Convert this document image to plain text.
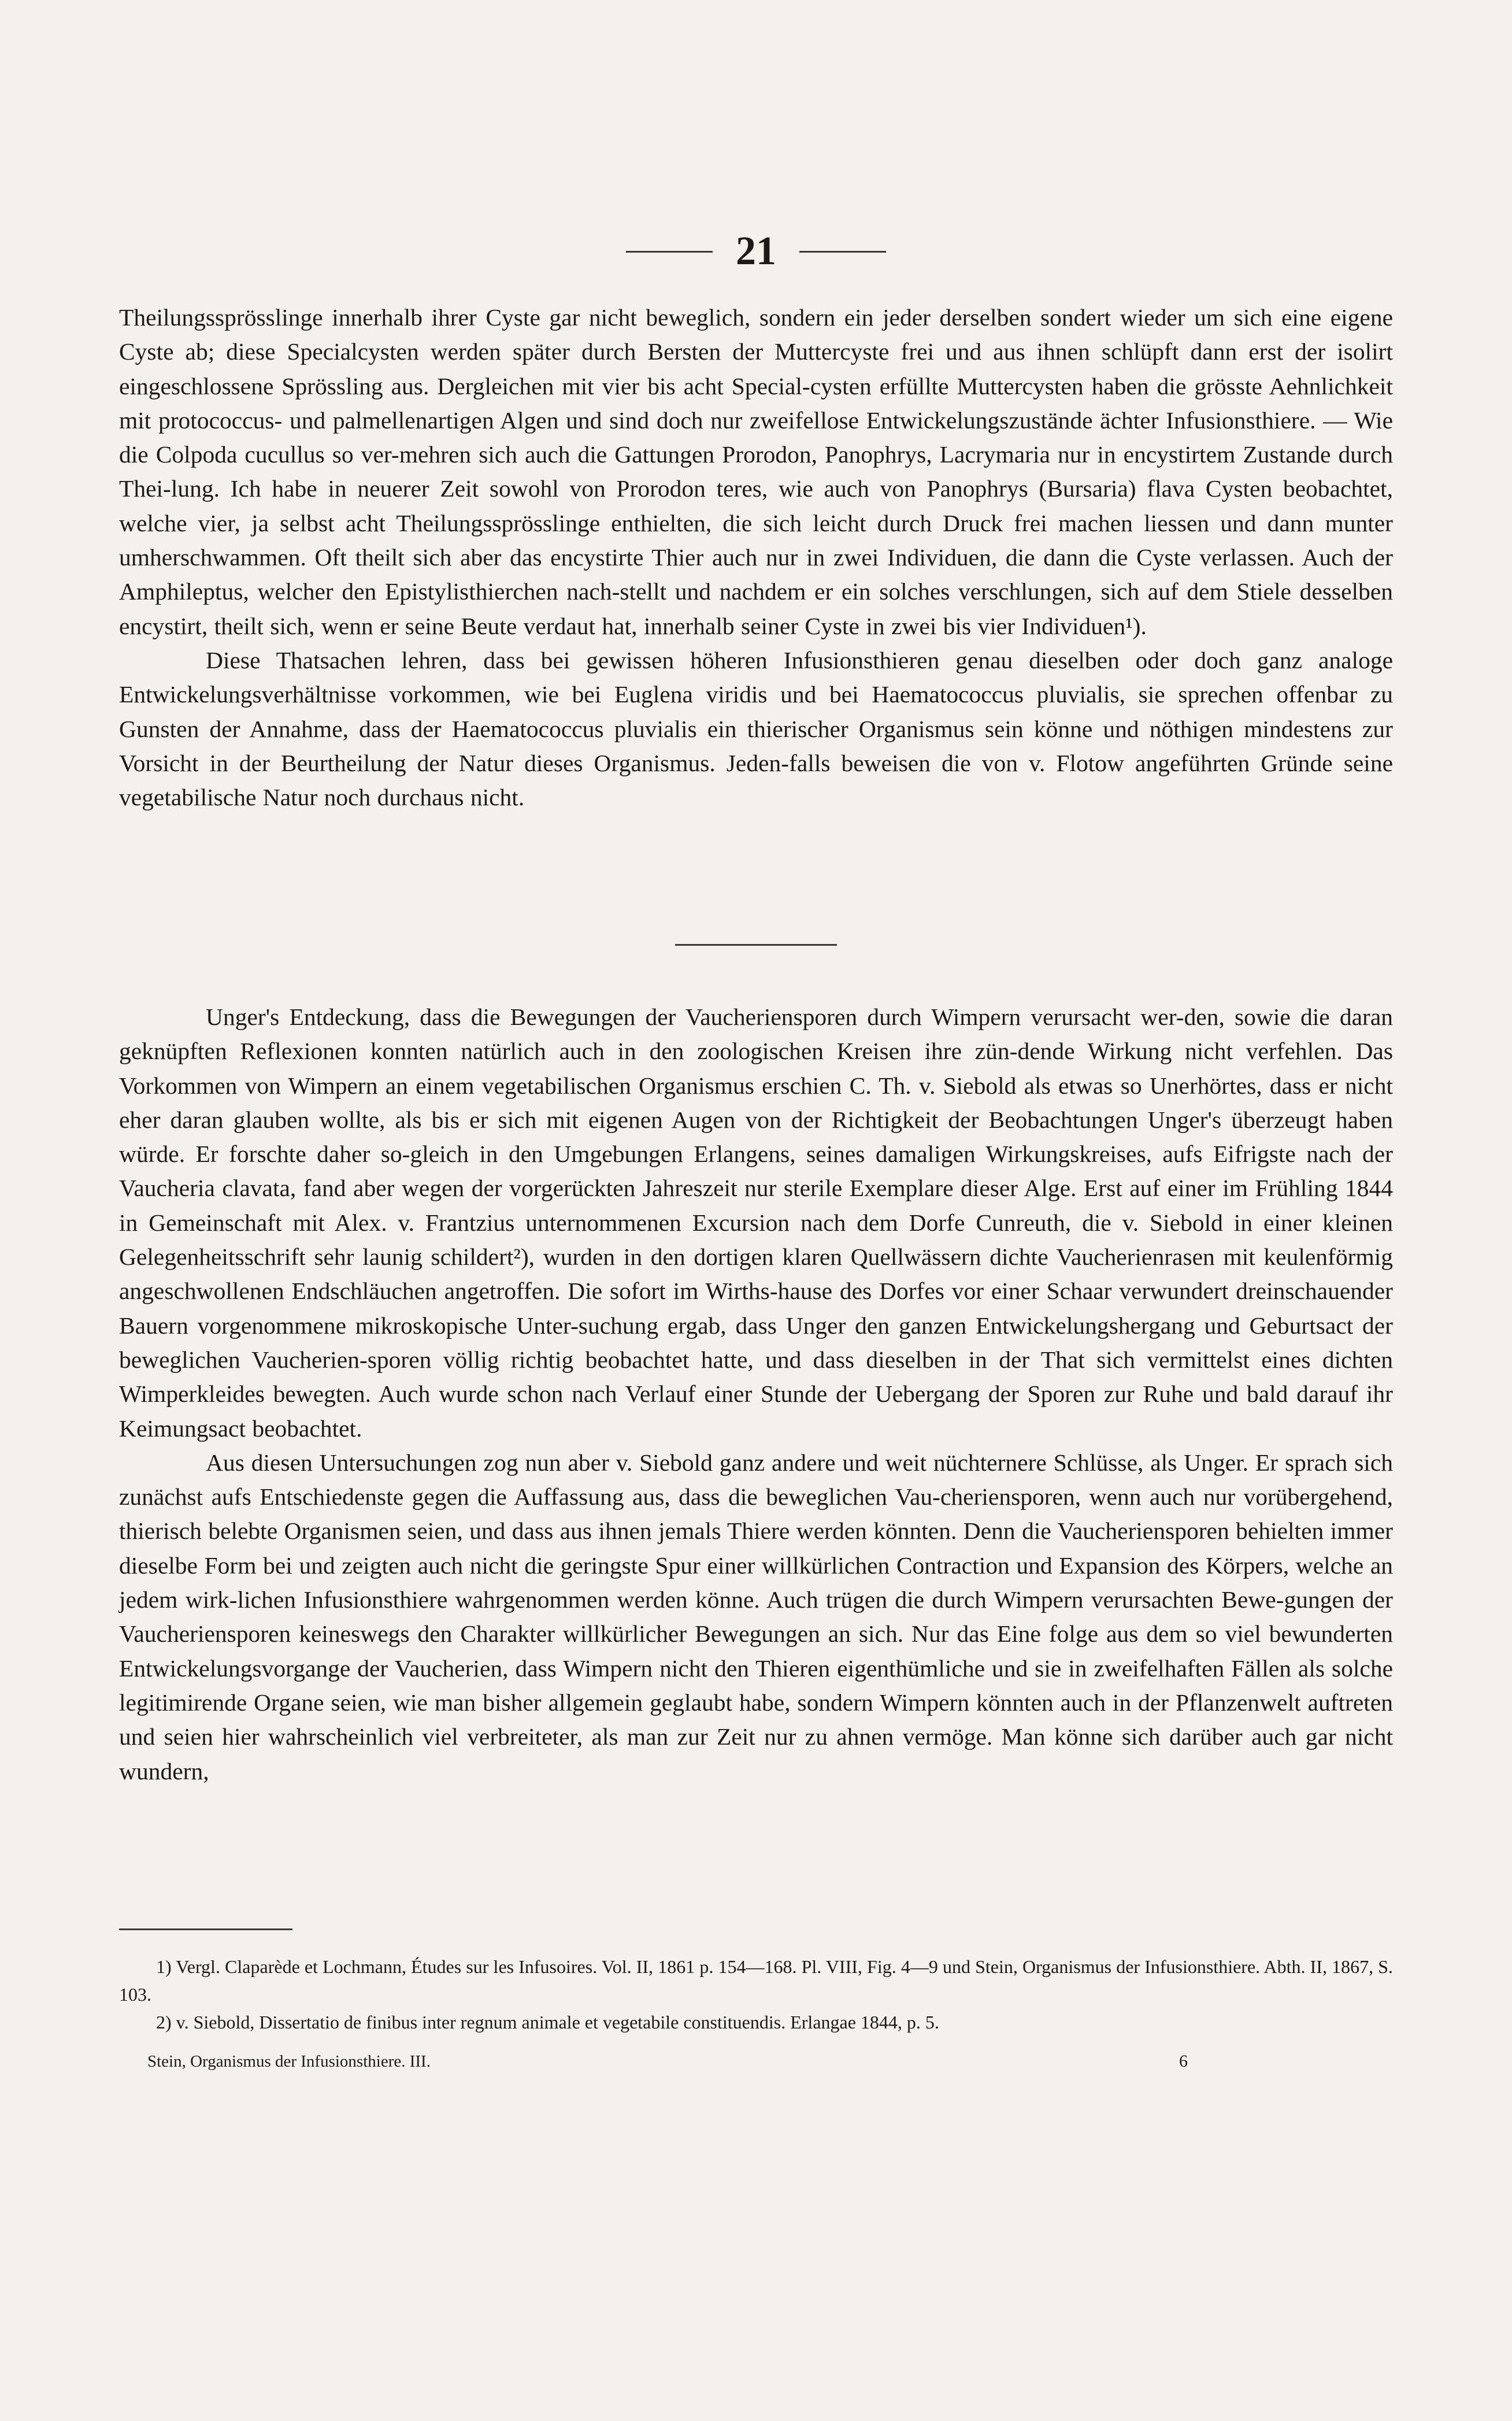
21

Theilungssprösslinge innerhalb ihrer Cyste gar nicht beweglich, sondern ein jeder derselben sondert wieder um sich eine eigene Cyste ab; diese Specialcysten werden später durch Bersten der Muttercyste frei und aus ihnen schlüpft dann erst der isolirt eingeschlossene Sprössling aus. Dergleichen mit vier bis acht Special-cysten erfüllte Muttercysten haben die grösste Aehnlichkeit mit protococcus- und palmellenartigen Algen und sind doch nur zweifellose Entwickelungszustände ächter Infusionsthiere. — Wie die Colpoda cucullus so ver-mehren sich auch die Gattungen Prorodon, Panophrys, Lacrymaria nur in encystirtem Zustande durch Thei-lung. Ich habe in neuerer Zeit sowohl von Prorodon teres, wie auch von Panophrys (Bursaria) flava Cysten beobachtet, welche vier, ja selbst acht Theilungssprösslinge enthielten, die sich leicht durch Druck frei machen liessen und dann munter umherschwammen. Oft theilt sich aber das encystirte Thier auch nur in zwei Individuen, die dann die Cyste verlassen. Auch der Amphileptus, welcher den Epistylisthierchen nach-stellt und nachdem er ein solches verschlungen, sich auf dem Stiele desselben encystirt, theilt sich, wenn er seine Beute verdaut hat, innerhalb seiner Cyste in zwei bis vier Individuen¹).

Diese Thatsachen lehren, dass bei gewissen höheren Infusionsthieren genau dieselben oder doch ganz analoge Entwickelungsverhältnisse vorkommen, wie bei Euglena viridis und bei Haematococcus pluvialis, sie sprechen offenbar zu Gunsten der Annahme, dass der Haematococcus pluvialis ein thierischer Organismus sein könne und nöthigen mindestens zur Vorsicht in der Beurtheilung der Natur dieses Organismus. Jeden-falls beweisen die von v. Flotow angeführten Gründe seine vegetabilische Natur noch durchaus nicht.

Unger's Entdeckung, dass die Bewegungen der Vaucheriensporen durch Wimpern verursacht wer-den, sowie die daran geknüpften Reflexionen konnten natürlich auch in den zoologischen Kreisen ihre zün-dende Wirkung nicht verfehlen. Das Vorkommen von Wimpern an einem vegetabilischen Organismus erschien C. Th. v. Siebold als etwas so Unerhörtes, dass er nicht eher daran glauben wollte, als bis er sich mit eigenen Augen von der Richtigkeit der Beobachtungen Unger's überzeugt haben würde. Er forschte daher so-gleich in den Umgebungen Erlangens, seines damaligen Wirkungskreises, aufs Eifrigste nach der Vaucheria clavata, fand aber wegen der vorgerückten Jahreszeit nur sterile Exemplare dieser Alge. Erst auf einer im Frühling 1844 in Gemeinschaft mit Alex. v. Frantzius unternommenen Excursion nach dem Dorfe Cunreuth, die v. Siebold in einer kleinen Gelegenheitsschrift sehr launig schildert²), wurden in den dortigen klaren Quellwässern dichte Vaucherienrasen mit keulenförmig angeschwollenen Endschläuchen angetroffen. Die sofort im Wirths-hause des Dorfes vor einer Schaar verwundert dreinschauender Bauern vorgenommene mikroskopische Unter-suchung ergab, dass Unger den ganzen Entwickelungshergang und Geburtsact der beweglichen Vaucherien-sporen völlig richtig beobachtet hatte, und dass dieselben in der That sich vermittelst eines dichten Wimperkleides bewegten. Auch wurde schon nach Verlauf einer Stunde der Uebergang der Sporen zur Ruhe und bald darauf ihr Keimungsact beobachtet.

Aus diesen Untersuchungen zog nun aber v. Siebold ganz andere und weit nüchternere Schlüsse, als Unger. Er sprach sich zunächst aufs Entschiedenste gegen die Auffassung aus, dass die beweglichen Vau-cheriensporen, wenn auch nur vorübergehend, thierisch belebte Organismen seien, und dass aus ihnen jemals Thiere werden könnten. Denn die Vaucheriensporen behielten immer dieselbe Form bei und zeigten auch nicht die geringste Spur einer willkürlichen Contraction und Expansion des Körpers, welche an jedem wirk-lichen Infusionsthiere wahrgenommen werden könne. Auch trügen die durch Wimpern verursachten Bewe-gungen der Vaucheriensporen keineswegs den Charakter willkürlicher Bewegungen an sich. Nur das Eine folge aus dem so viel bewunderten Entwickelungsvorgange der Vaucherien, dass Wimpern nicht den Thieren eigenthümliche und sie in zweifelhaften Fällen als solche legitimirende Organe seien, wie man bisher allgemein geglaubt habe, sondern Wimpern könnten auch in der Pflanzenwelt auftreten und seien hier wahrscheinlich viel verbreiteter, als man zur Zeit nur zu ahnen vermöge. Man könne sich darüber auch gar nicht wundern,

1) Vergl. Claparède et Lochmann, Études sur les Infusoires. Vol. II, 1861 p. 154—168. Pl. VIII, Fig. 4—9 und Stein, Organismus der Infusionsthiere. Abth. II, 1867, S. 103.

2) v. Siebold, Dissertatio de finibus inter regnum animale et vegetabile constituendis. Erlangae 1844, p. 5.

Stein, Organismus der Infusionsthiere. III.	6
